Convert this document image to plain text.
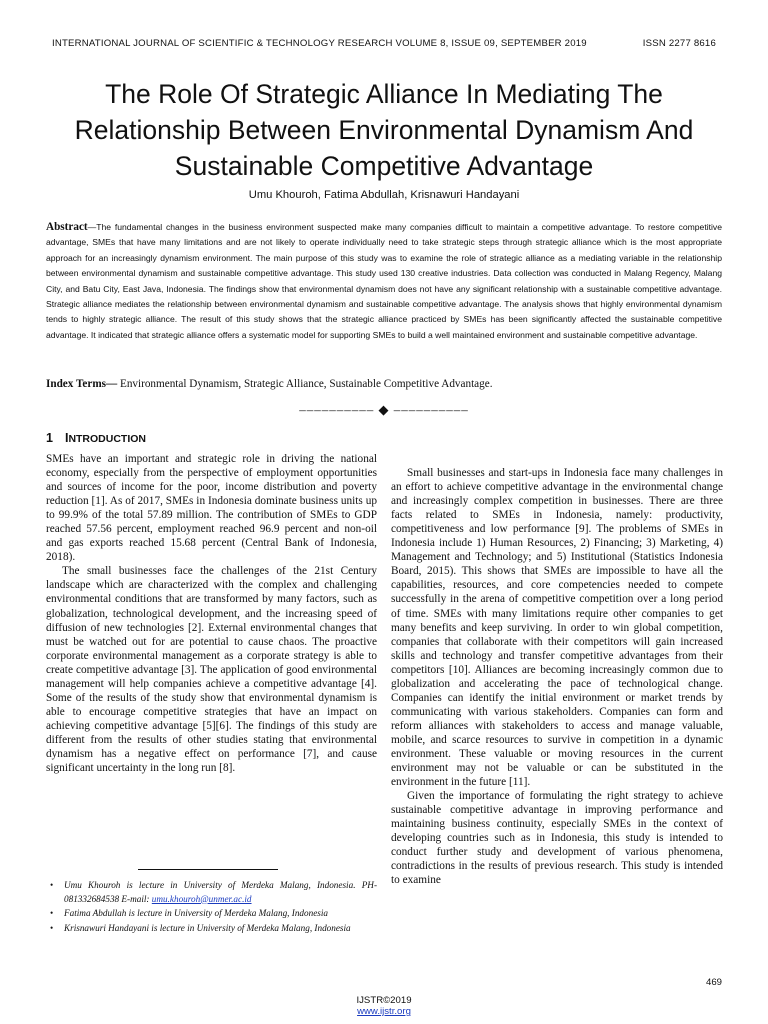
INTERNATIONAL JOURNAL OF SCIENTIFIC & TECHNOLOGY RESEARCH VOLUME 8, ISSUE 09, SEPTEMBER 2019	ISSN 2277 8616
The Role Of Strategic Alliance In Mediating The Relationship Between Environmental Dynamism And Sustainable Competitive Advantage
Umu Khouroh, Fatima Abdullah, Krisnawuri Handayani

Abstract—The fundamental changes in the business environment suspected make many companies difficult to maintain a competitive advantage. To restore competitive advantage, SMEs that have many limitations and are not likely to operate individually need to take strategic steps through strategic alliance which is the most appropriate approach for an increasingly dynamism environment. The main purpose of this study was to examine the role of strategic alliance as a mediating variable in the relationship between environmental dynamism and sustainable competitive advantage. This study used 130 creative industries. Data collection was conducted in Malang Regency, Malang City, and Batu City, East Java, Indonesia. The findings show that environmental dynamism does not have any significant relationship with a sustainable competitive advantage. Strategic alliance mediates the relationship between environmental dynamism and sustainable competitive advantage. The analysis shows that highly environmental dynamism tends to highly strategic alliance. The result of this study shows that the strategic alliance practiced by SMEs has been significantly affected the sustainable competitive advantage. It indicated that strategic alliance offers a systematic model for supporting SMEs to build a well maintained environment and sustainable competitive advantage.

Index Terms— Environmental Dynamism, Strategic Alliance, Sustainable Competitive Advantage.
–––––––––– ◆ ––––––––––
1 INTRODUCTION

SMEs have an important and strategic role in driving the national economy, especially from the perspective of employment opportunities and sources of income for the poor, income distribution and poverty reduction [1]. As of 2017, SMEs in Indonesia dominate business units up to 99.9% of the total 57.89 million. The contribution of SMEs to GDP reached 57.56 percent, employment reached 96.9 percent and non-oil and gas exports reached 15.68 percent (Central Bank of Indonesia, 2018).

The small businesses face the challenges of the 21st Century landscape which are characterized with the complex and challenging environmental conditions that are transformed by many factors, such as globalization, technological development, and the increasing speed of diffusion of new technologies [2]. External environmental changes that must be watched out for are potential to cause chaos. The proactive corporate environmental management as a corporate strategy is able to create competitive advantage [3]. The application of good environmental management will help companies achieve a competitive advantage [4]. Some of the results of the study show that environmental dynamism is able to encourage competitive strategies that have an impact on achieving competitive advantage [5][6]. The findings of this study are different from the results of other studies stating that environmental dynamism has a negative effect on performance [7], and cause significant uncertainty in the long run [8].

Small businesses and start-ups in Indonesia face many challenges in an effort to achieve competitive advantage in the environmental change and increasingly complex competition in businesses. There are three facts related to SMEs in Indonesia, namely: productivity, competitiveness and low performance [9]. The problems of SMEs in Indonesia include 1) Human Resources, 2) Financing; 3) Marketing, 4) Management and Technology; and 5) Institutional (Statistics Indonesia Board, 2015). This shows that SMEs are impossible to have all the capabilities, resources, and core competencies needed to compete successfully in the arena of competitive competition over a long period of time. SMEs with many limitations require other companies to get many benefits and keep surviving. In order to win global competition, companies that collaborate with their competitors will gain increased skills and technology and transfer competitive advantages from their competitors [10]. Alliances are becoming increasingly common due to globalization and accelerating the pace of technological change. Companies can identify the initial environment or market trends by communicating with various stakeholders. Companies can form and reform alliances with stakeholders to access and manage valuable, mobile, and scarce resources to survive in competition in a dynamic environment. These valuable or moving resources in the current environment may not be valuable or can be substituted in the environment in the future [11].

Given the importance of formulating the right strategy to achieve sustainable competitive advantage in improving performance and maintaining business continuity, especially SMEs in the context of developing countries such as in Indonesia, this study is intended to conduct further study and development of various phenomena, contradictions in the results of previous research. This study is intended to examine

• Umu Khouroh is lecture in University of Merdeka Malang, Indonesia. PH-081332684538 E-mail: umu.khouroh@unmer.ac.id
• Fatima Abdullah is lecture in University of Merdeka Malang, Indonesia
• Krisnawuri Handayani is lecture in University of Merdeka Malang, Indonesia
469
IJSTR©2019
www.ijstr.org
